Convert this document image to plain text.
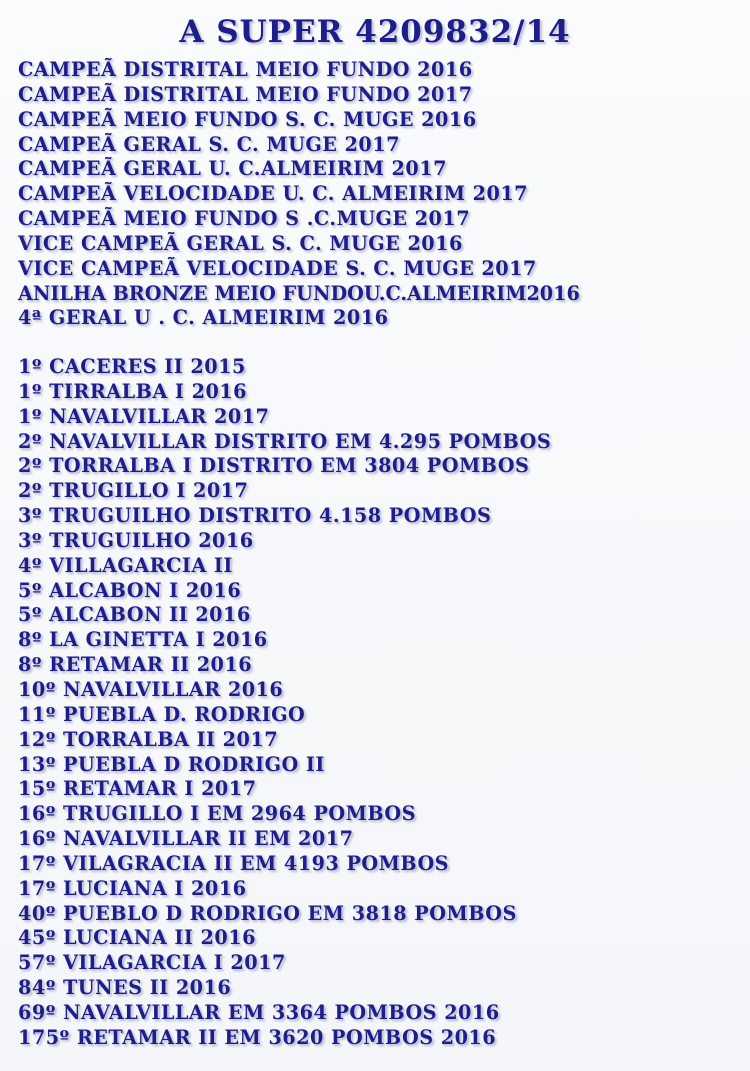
A SUPER 4209832/14
CAMPEÃ DISTRITAL MEIO FUNDO 2016
CAMPEÃ DISTRITAL MEIO FUNDO 2017
CAMPEÃ MEIO FUNDO S. C. MUGE 2016
CAMPEÃ GERAL S. C. MUGE 2017
CAMPEÃ GERAL U. C.ALMEIRIM 2017
CAMPEÃ VELOCIDADE U. C. ALMEIRIM 2017
CAMPEÃ MEIO FUNDO S .C.MUGE 2017
VICE CAMPEÃ GERAL S. C. MUGE 2016
VICE CAMPEÃ VELOCIDADE S. C. MUGE 2017
ANILHA BRONZE MEIO FUNDOU.C.ALMEIRIM2016
4ª GERAL U . C. ALMEIRIM 2016
1º CACERES II 2015
1º TIRRALBA I 2016
1º NAVALVILLAR 2017
2º NAVALVILLAR DISTRITO EM 4.295 POMBOS
2º TORRALBA I DISTRITO EM 3804 POMBOS
2º TRUGILLO I 2017
3º TRUGUILHO DISTRITO 4.158 POMBOS
3º TRUGUILHO 2016
4º VILLAGARCIA II
5º ALCABON I 2016
5º ALCABON II 2016
8º LA GINETTA I 2016
8º RETAMAR II 2016
10º NAVALVILLAR 2016
11º PUEBLA D. RODRIGO
12º TORRALBA II 2017
13º PUEBLA D RODRIGO II
15º RETAMAR I 2017
16º TRUGILLO I EM 2964 POMBOS
16º NAVALVILLAR II EM 2017
17º VILAGRACIA II EM 4193 POMBOS
17º LUCIANA I 2016
40º PUEBLO D RODRIGO EM 3818 POMBOS
45º LUCIANA II 2016
57º VILAGARCIA I 2017
84º TUNES II 2016
69º NAVALVILLAR EM 3364 POMBOS 2016
175º RETAMAR II EM 3620 POMBOS 2016
